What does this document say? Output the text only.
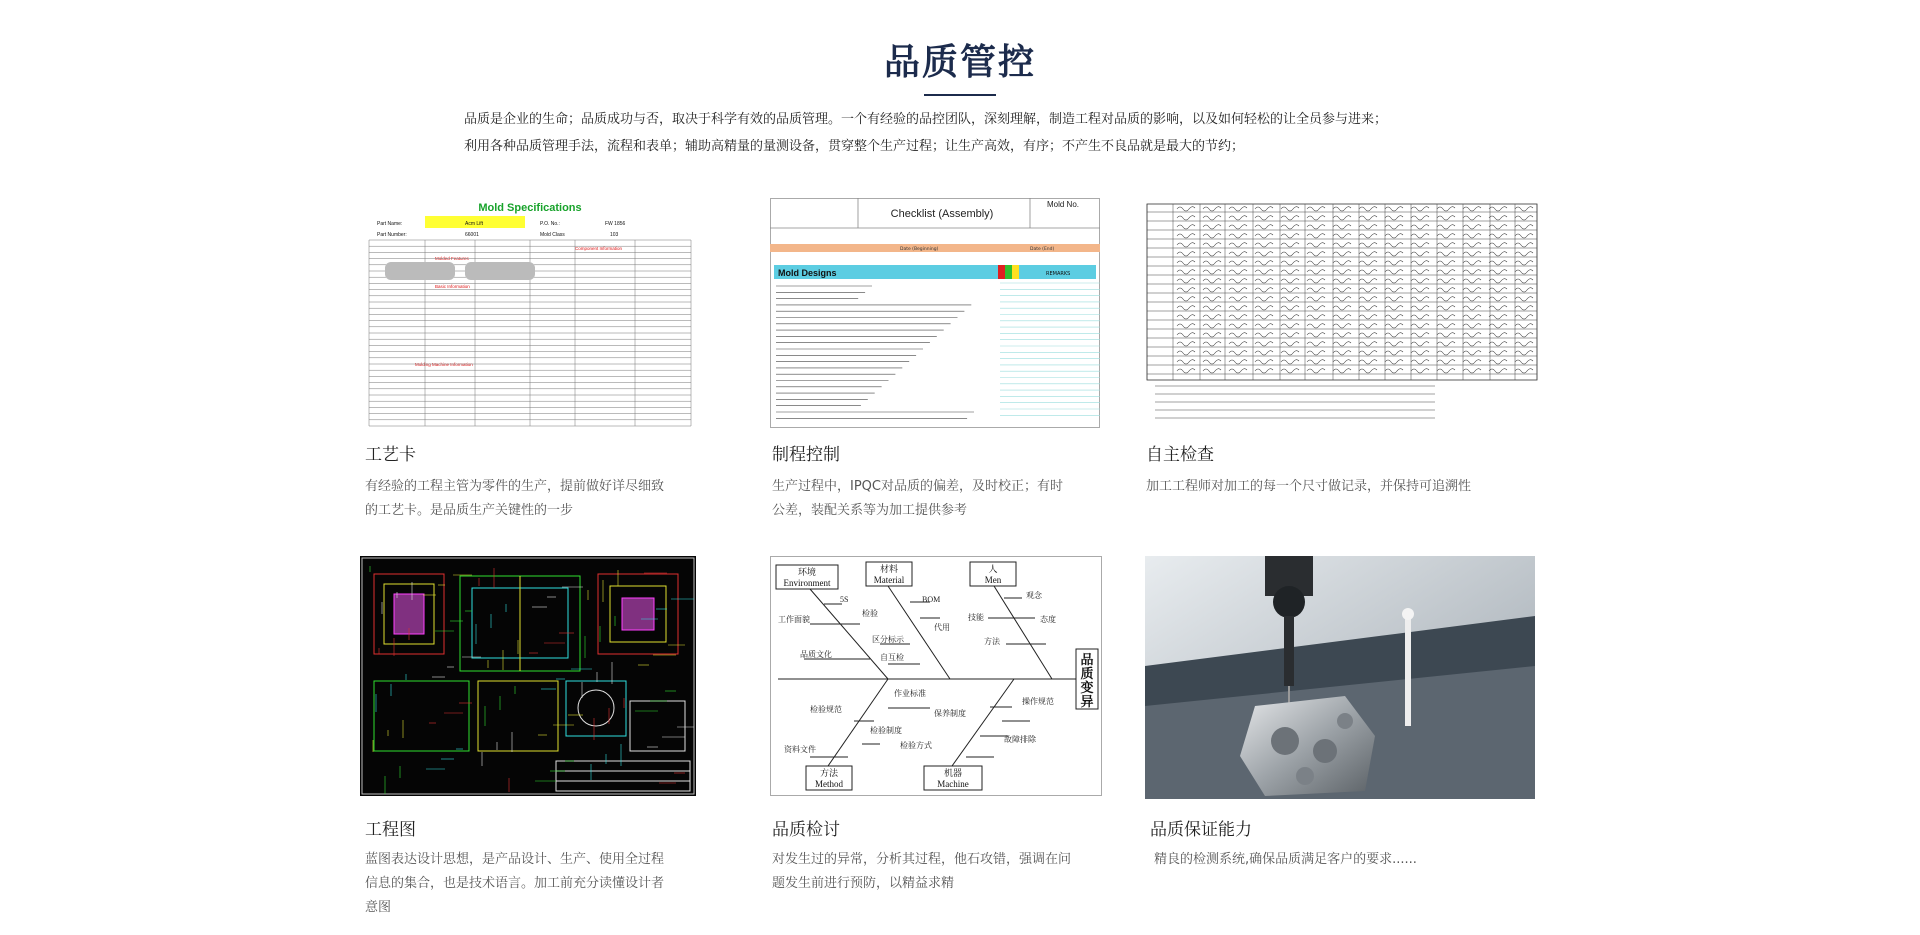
品质管控
品质是企业的生命；品质成功与否，取决于科学有效的品质管理。一个有经验的品控团队，深刻理解，制造工程对品质的影响，以及如何轻松的让全员参与进来；
利用各种品质管理手法，流程和表单；辅助高精量的量测设备，贯穿整个生产过程；让生产高效，有序；不产生不良品就是最大的节约；
Mold Specifications
Part Name:	Acm Lift	P.O. No.:	FW 1856
Part Number:	66001	Mold Class	103
Molded Features
Component Information
Basic Information
Molding Machine Information
工艺卡
有经验的工程主管为零件的生产，提前做好详尽细致
的工艺卡。是品质生产关键性的一步
Checklist (Assembly)
Mold No.
Date (Beginning)	Date (End)
Mold Designs	REMARKS
制程控制
生产过程中，IPQC对品质的偏差，及时校正；有时
公差，装配关系等为加工提供参考
自主检查
加工工程师对加工的每一个尺寸做记录，并保持可追溯性
工程图
蓝图表达设计思想，是产品设计、生产、使用全过程
信息的集合，也是技术语言。加工前充分读懂设计者
意图
环境
Environment
材料
Material
人
Men
方法
Method
机器
Machine
品
质
变
异
5S
工作面貌
品质文化
检验
区分标示
自互检
BOM
代用
观念
态度
技能
方法
作业标准
检验规范
检验制度
资料文件
保养制度
操作规范
检验方式
故障排除
品质检讨
对发生过的异常，分析其过程，他石攻错，强调在问
题发生前进行预防，以精益求精
品质保证能力
精良的检测系统,确保品质满足客户的要求......
